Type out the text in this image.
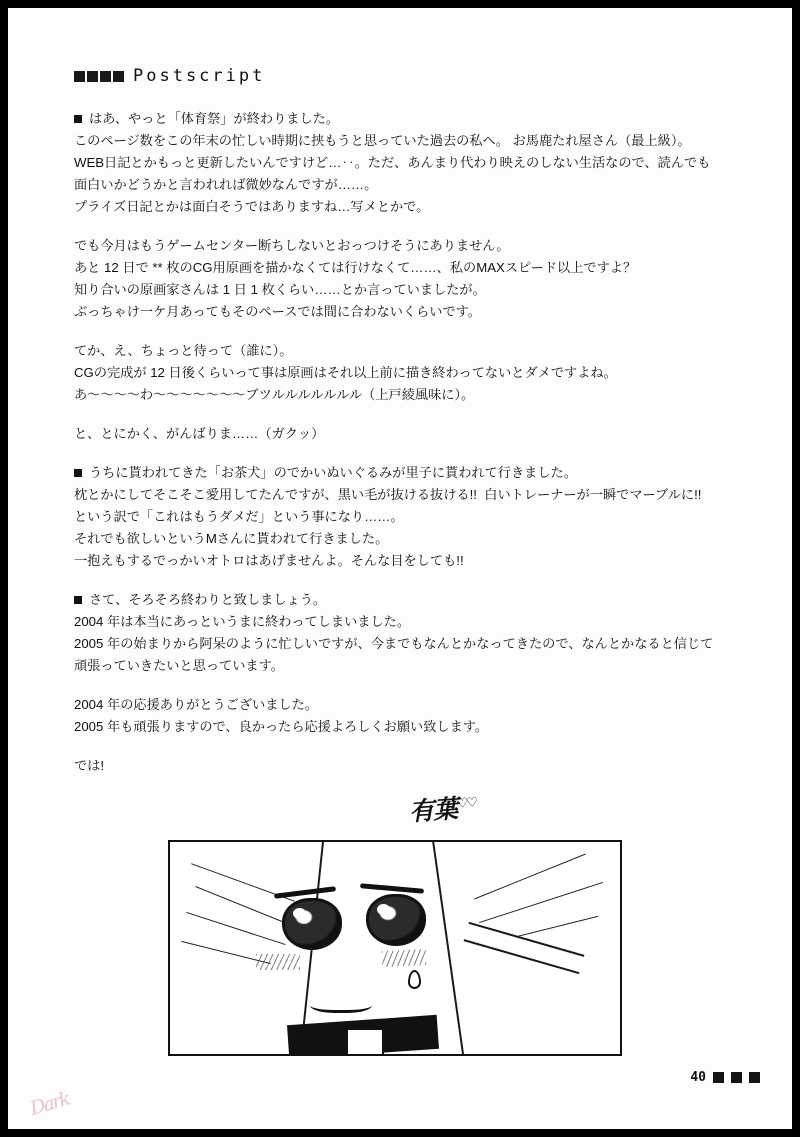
Postscript
はあ、やっと「体育祭」が終わりました。
このページ数をこの年末の忙しい時期に挟もうと思っていた過去の私へ。 お馬鹿たれ屋さん（最上級）。
WEB日記とかもっと更新したいんですけど…‥。ただ、あんまり代わり映えのしない生活なので、読んでも
面白いかどうかと言われれば微妙なんですが……。
プライズ日記とかは面白そうではありますね…写メとかで。
でも今月はもうゲームセンター断ちしないとおっつけそうにありません。
あと 12 日で ** 枚のCG用原画を描かなくては行けなくて……、私のMAXスピード以上ですよ？
知り合いの原画家さんは 1 日 1 枚くらい……とか言っていましたが。
ぶっちゃけ一ケ月あってもそのペースでは間に合わないくらいです。
てか、え、ちょっと待って（誰に）。
CGの完成が 12 日後くらいって事は原画はそれ以上前に描き終わってないとダメですよね。
あ〜〜〜〜わ〜〜〜〜〜〜〜ブツルルルルルルル（上戸綾風味に）。
と、とにかく、がんばりま……（ガクッ）
うちに貰われてきた「お茶犬」のでかいぬいぐるみが里子に貰われて行きました。
枕とかにしてそこそこ愛用してたんですが、黒い毛が抜ける抜ける!!  白いトレーナーが一瞬でマーブルに!!
という訳で「これはもうダメだ」という事になり……。
それでも欲しいというMさんに貰われて行きました。
一抱えもするでっかいオトロはあげませんよ。そんな目をしても!!
さて、そろそろ終わりと致しましょう。
2004 年は本当にあっというまに終わってしまいました。
2005 年の始まりから阿呆のように忙しいですが、今までもなんとかなってきたので、なんとかなると信じて
頑張っていきたいと思っています。
2004 年の応援ありがとうございました。
2005 年も頑張りますので、良かったら応援よろしくお願い致します。
では!
有葉♡♡
40
Dark
